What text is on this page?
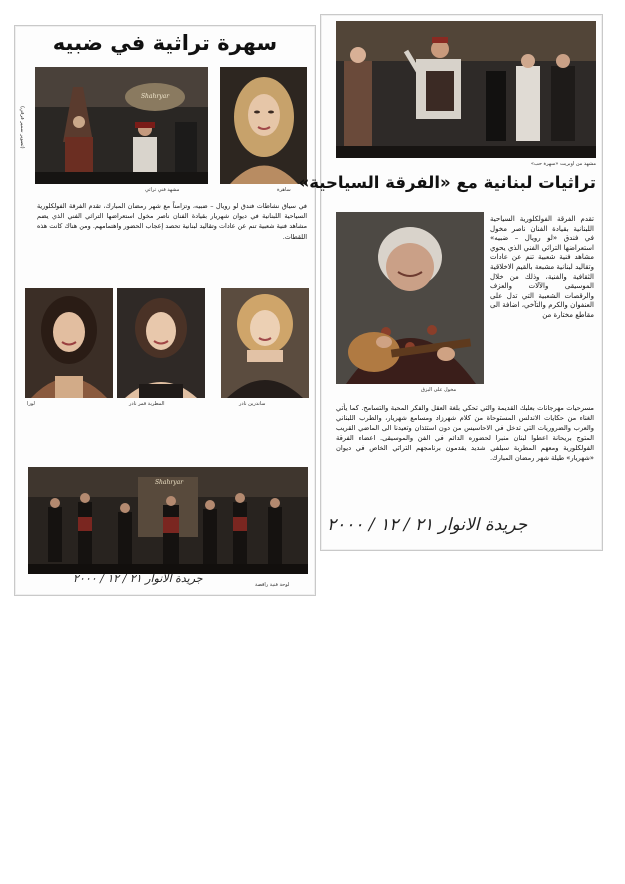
سهرة تراثية في ضبيه
Shahryar
(تصوير سمير قرقي)
مشهد فني تراثي	ساهرة
في سياق نشاطات فندق لو رويال – ضبيه، وتزامناً مع شهر رمضان المبارك، تقدم الفرقة الفولكلورية السياحية اللبنانية في ديوان شهريار بقيادة الفنان ناصر مخول استعراضها التراثي الفني الذي يضم مشاهد فنية شعبية تنم عن عادات وتقاليد لبنانية تحصد إعجاب الحضور واهتمامهم. ومن هناك كانت هذه اللقطات.
لورا	المطربة قمر نادر	ساندرين نادر
Shahryar
جريدة الانوار ٢١ / ١٢ / ٢٠٠٠	لوحة فنية راقصة
مشهد من اوبريت «سهرة حب»
تراثيات لبنانية مع «الفرقة السياحية»
مخول على البزق
تقدم الفرقة الفولكلورية السياحية اللبنانية بقيادة الفنان ناصر مخول في فندق «لو رويال – ضبيه» استعراضها التراثي الفني الذي يحوي مشاهد فنية شعبية تنم عن عادات وتقاليد لبنانية مشبعة بالقيم الاخلاقية الثقافية والفنية، وذلك من خلال الموسيقى والآلات والعزف والرقصات الشعبية التي تدل على العنفوان والكرم والتآخي، اضافة الى مقاطع مختارة من
مسرحيات مهرجانات بعلبك القديمة والتي تحكي بلغة العقل والفكر المحبة والتسامح. كما يأتي الغناء من حكايات الاندلس المستوحاة من كلام شهرزاد ومسامع شهريار، والطرب اللبناني والعرب والضروريات التي تدخل في الاحاسيس من دون استئذان وتعيدنا الى الماضي القريب المتوج بريحانة اعطوا لبنان منبرا لحضوره الدائم في الفن والموسيقى. اعضاء الفرقة الفولكلورية ومعهم المطربة سيلفي شديد يقدمون برنامجهم التراثي الخاص في ديوان «شهريار» طيلة شهر رمضان المبارك.
جريدة الانوار ٢١ / ١٢ / ٢٠٠٠
